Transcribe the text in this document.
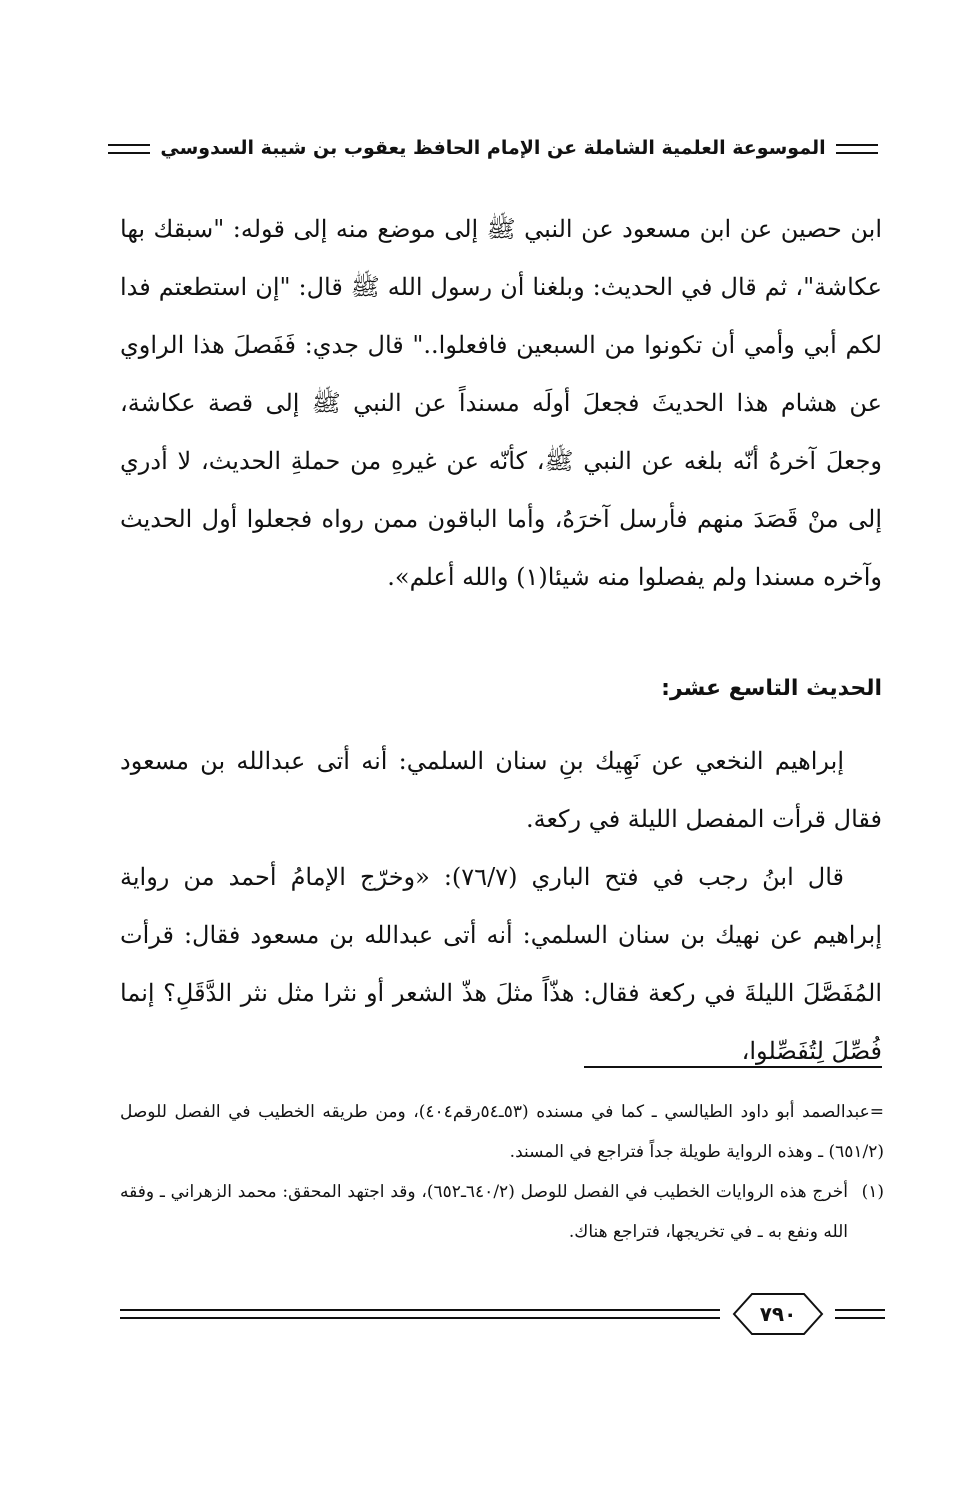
الموسوعة العلمية الشاملة عن الإمام الحافظ يعقوب بن شيبة السدوسي

ابن حصين عن ابن مسعود عن النبي ﷺ إلى موضع منه إلى قوله: "سبقك بها عكاشة"، ثم قال في الحديث: وبلغنا أن رسول الله ﷺ قال: "إن استطعتم فدا لكم أبي وأمي أن تكونوا من السبعين فافعلوا.." قال جدي: فَفَصلَ هذا الراوي عن هشام هذا الحديثَ فجعلَ أولَه مسنداً عن النبي ﷺ إلى قصة عكاشة، وجعلَ آخرهُ أنّه بلغه عن النبي ﷺ، كأنّه عن غيرهِ من حملةِ الحديث، لا أدري إلى منْ قَصَدَ منهم فأرسل آخرَهُ، وأما الباقون ممن رواه فجعلوا أول الحديث وآخره مسندا ولم يفصلوا منه شيئا(١) والله أعلم».

الحديث التاسع عشر:

إبراهيم النخعي عن نَهِيك بنِ سنان السلمي: أنه أتى عبدالله بن مسعود فقال قرأت المفصل الليلة في ركعة.

قال ابنُ رجب في فتح الباري (٧٦/٧): «وخرّج الإمامُ أحمد من رواية إبراهيم عن نهيك بن سنان السلمي: أنه أتى عبدالله بن مسعود فقال: قرأت المُفَصَّلَ الليلةَ في ركعة فقال: هذّاً مثلَ هذّ الشعر أو نثرا مثل نثر الدَّقَلِ؟ إنما فُصِّلَ لِتُفَصِّلوا،

=عبدالصمد أبو داود الطيالسي ـ كما في مسنده (٥٣ـ٥٤رقم٤٠٤)، ومن طريقه الخطيب في الفصل للوصل (٦٥١/٢) ـ وهذه الرواية طويلة جداً فتراجع في المسند.

(١)
أخرج هذه الروايات الخطيب في الفصل للوصل (٦٤٠/٢ـ٦٥٢)، وقد اجتهد المحقق: محمد الزهراني ـ وفقه الله ونفع به ـ في تخريجها، فتراجع هناك.

٧٩٠
